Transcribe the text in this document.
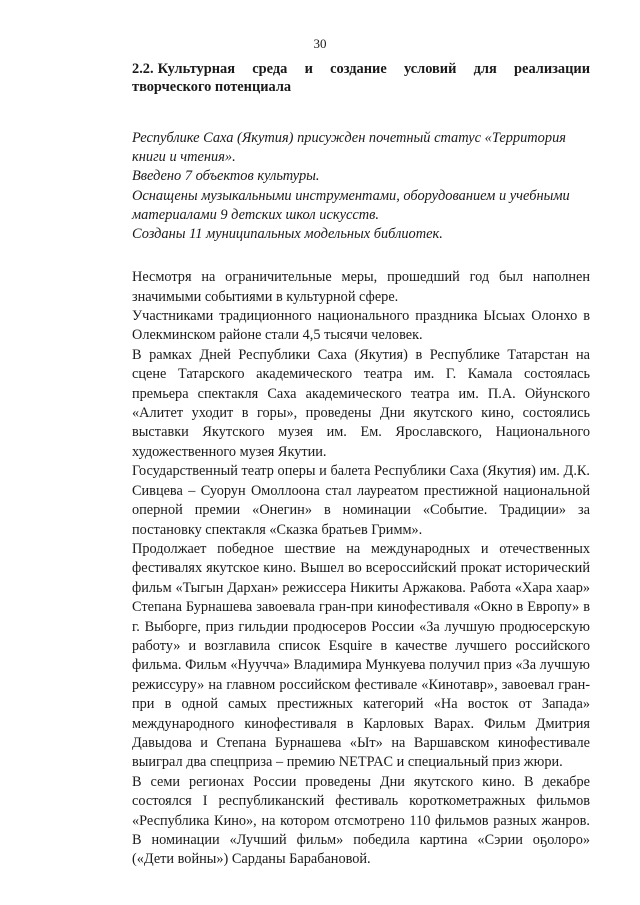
30
2.2. Культурная среда и создание условий для реализации творческого потенциала

Республике Саха (Якутия) присужден почетный статус «Территория книги и чтения».

Введено 7 объектов культуры.

Оснащены музыкальными инструментами, оборудованием и учебными материалами 9 детских школ искусств.

Созданы 11 муниципальных модельных библиотек.

Несмотря на ограничительные меры, прошедший год был наполнен значимыми событиями в культурной сфере.

Участниками традиционного национального праздника Ысыах Олонхо в Олекминском районе стали 4,5 тысячи человек.

В рамках Дней Республики Саха (Якутия) в Республике Татарстан на сцене Татарского академического театра им. Г. Камала состоялась премьера спектакля Саха академического театра им. П.А. Ойунского «Алитет уходит в горы», проведены Дни якутского кино, состоялись выставки Якутского музея им. Ем. Ярославского, Национального художественного музея Якутии.

Государственный театр оперы и балета Республики Саха (Якутия) им. Д.К. Сивцева – Суорун Омоллоона стал лауреатом престижной национальной оперной премии «Онегин» в номинации «Событие. Традиции» за постановку спектакля «Сказка братьев Гримм».

Продолжает победное шествие на международных и отечественных фестивалях якутское кино. Вышел во всероссийский прокат исторический фильм «Тыгын Дархан» режиссера Никиты Аржакова. Работа «Хара хаар» Степана Бурнашева завоевала гран-при кинофестиваля «Окно в Европу» в г. Выборге, приз гильдии продюсеров России «За лучшую продюсерскую работу» и возглавила список Esquire в качестве лучшего российского фильма. Фильм «Нуучча» Владимира Мункуева получил приз «За лучшую режиссуру» на главном российском фестивале «Кинотавр», завоевал гран-при в одной самых престижных категорий «На восток от Запада» международного кинофестиваля в Карловых Варах. Фильм Дмитрия Давыдова и Степана Бурнашева «Ыт» на Варшавском кинофестивале выиграл два спецприза – премию NETPAC и специальный приз жюри.

В семи регионах России проведены Дни якутского кино. В декабре состоялся I республиканский фестиваль короткометражных фильмов «Республика Кино», на котором отсмотрено 110 фильмов разных жанров. В номинации «Лучший фильм» победила картина «Сэрии оҕолоро» («Дети войны») Сарданы Барабановой.
